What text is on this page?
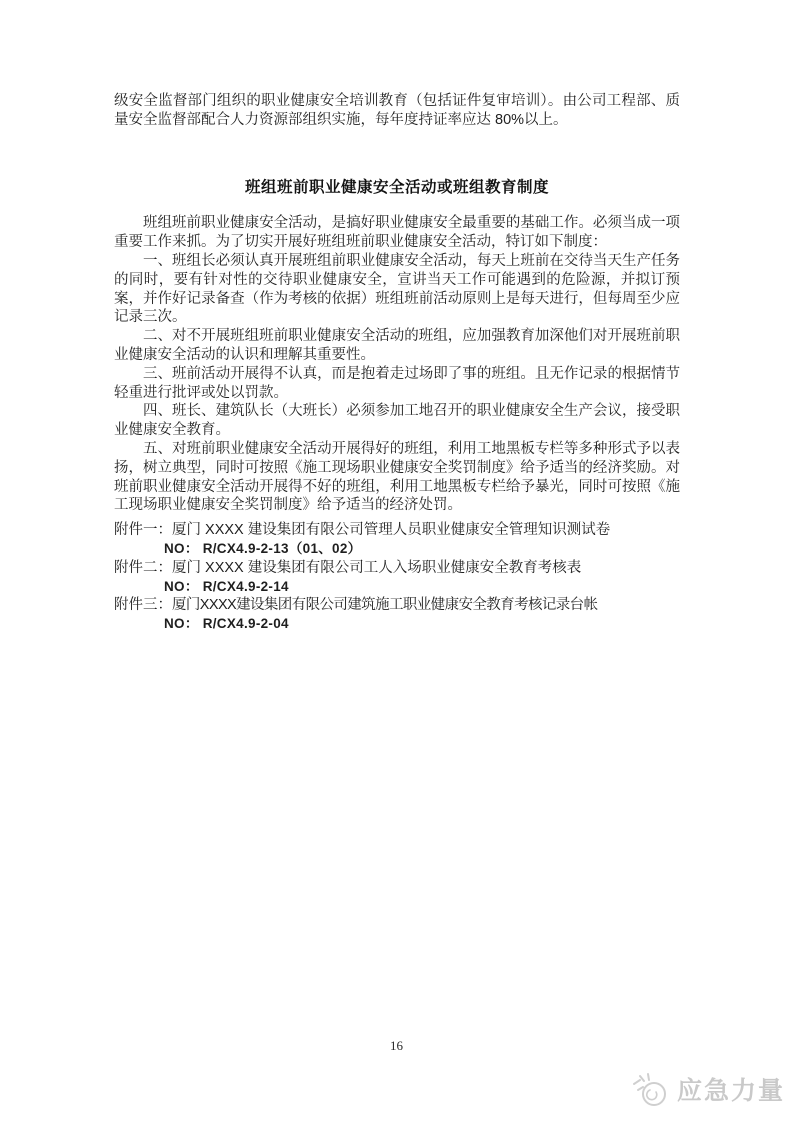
级安全监督部门组织的职业健康安全培训教育（包括证件复审培训）。由公司工程部、质量安全监督部配合人力资源部组织实施，每年度持证率应达 80%以上。

班组班前职业健康安全活动或班组教育制度

班组班前职业健康安全活动，是搞好职业健康安全最重要的基础工作。必须当成一项重要工作来抓。为了切实开展好班组班前职业健康安全活动，特订如下制度：

一、班组长必须认真开展班组前职业健康安全活动，每天上班前在交待当天生产任务的同时，要有针对性的交待职业健康安全，宣讲当天工作可能遇到的危险源，并拟订预案，并作好记录备查（作为考核的依据）班组班前活动原则上是每天进行，但每周至少应记录三次。

二、对不开展班组班前职业健康安全活动的班组，应加强教育加深他们对开展班前职业健康安全活动的认识和理解其重要性。

三、班前活动开展得不认真，而是抱着走过场即了事的班组。且无作记录的根据情节轻重进行批评或处以罚款。

四、班长、建筑队长（大班长）必须参加工地召开的职业健康安全生产会议，接受职业健康安全教育。

五、对班前职业健康安全活动开展得好的班组，利用工地黑板专栏等多种形式予以表扬，树立典型，同时可按照《施工现场职业健康安全奖罚制度》给予适当的经济奖励。对班前职业健康安全活动开展得不好的班组，利用工地黑板专栏给予暴光，同时可按照《施工现场职业健康安全奖罚制度》给予适当的经济处罚。

附件一： 厦门 XXXX 建设集团有限公司管理人员职业健康安全管理知识测试卷
NO： R/CX4.9-2-13（01、02）
附件二： 厦门 XXXX 建设集团有限公司工人入场职业健康安全教育考核表
NO： R/CX4.9-2-14
附件三： 厦门XXXX建设集团有限公司建筑施工职业健康安全教育考核记录台帐
NO： R/CX4.9-2-04
16
应急力量
